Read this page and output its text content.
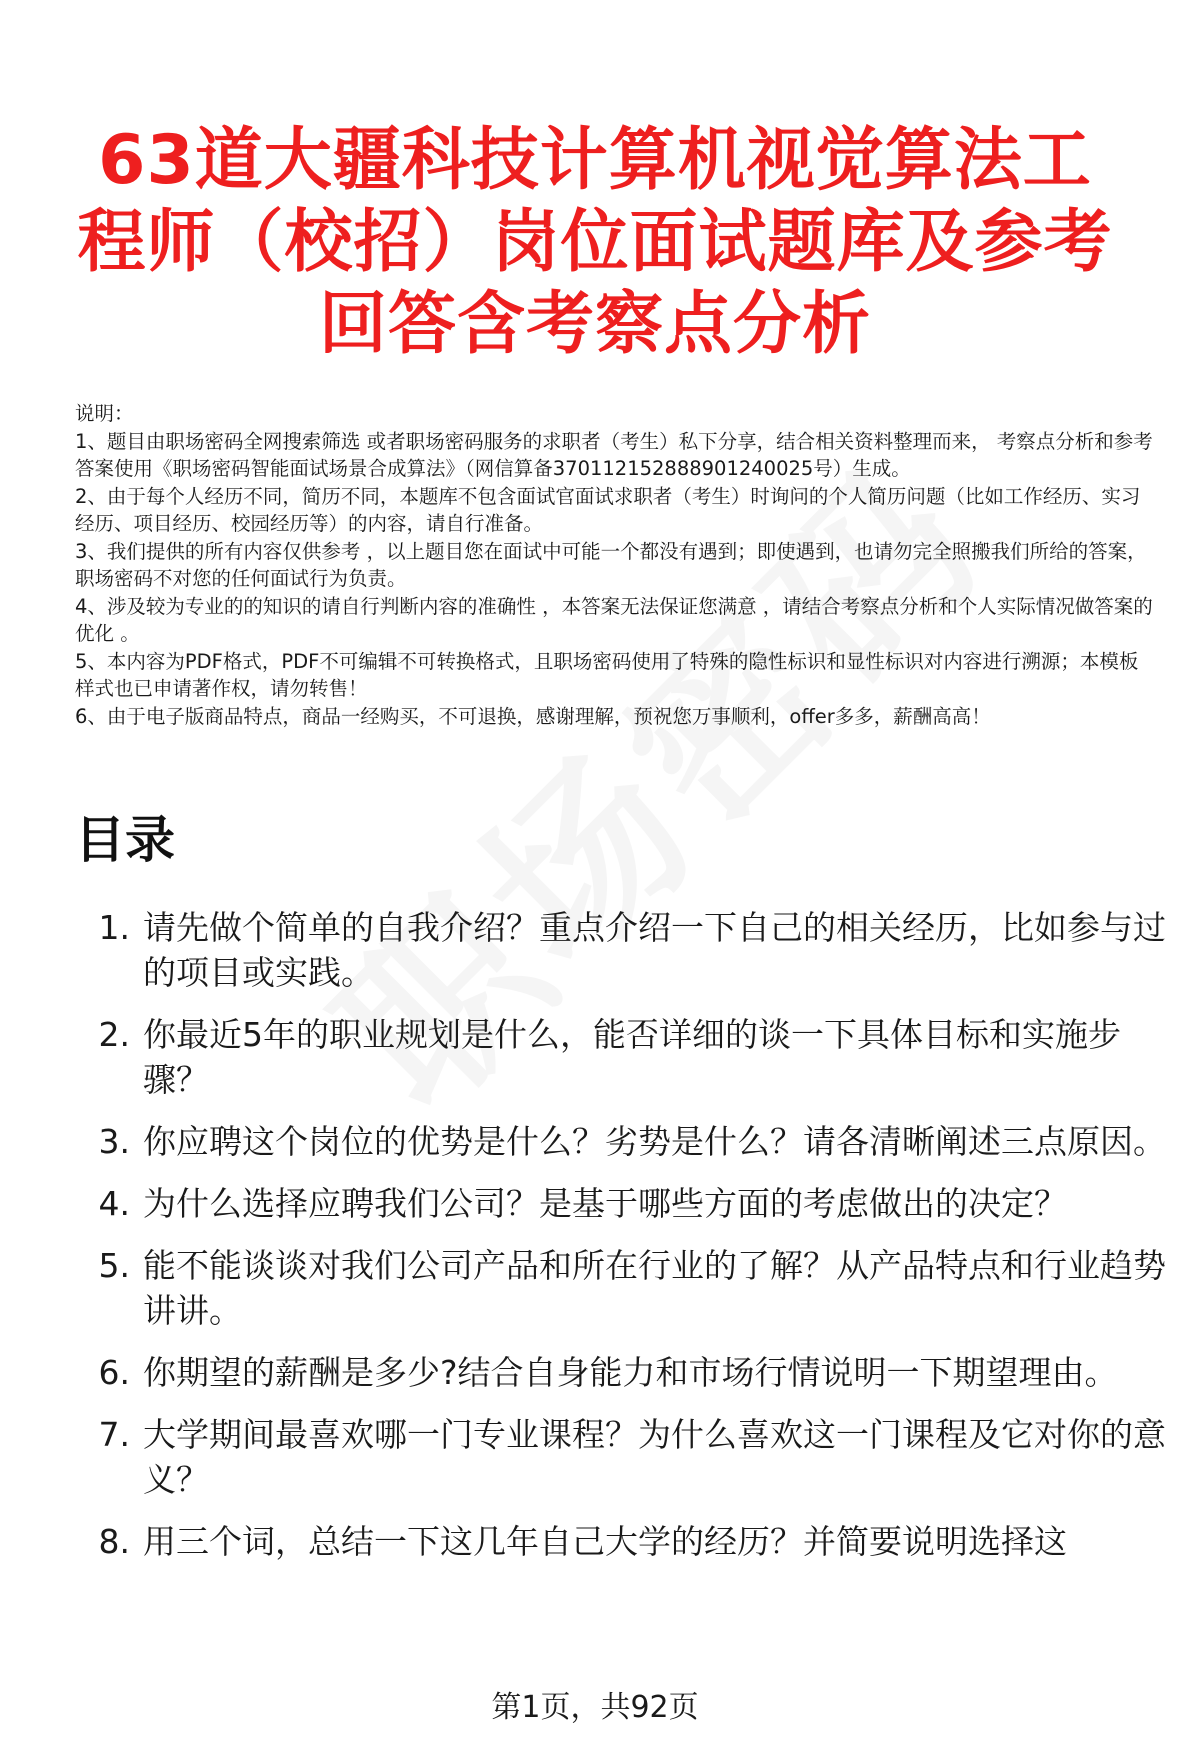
63道大疆科技计算机视觉算法工程师（校招）岗位面试题库及参考回答含考察点分析

说明：

1、题目由职场密码全网搜索筛选 或者职场密码服务的求职者（考生）私下分享，结合相关资料整理而来， 考察点分析和参考答案使用《职场密码智能面试场景合成算法》（网信算备370112152888901240025号）生成。

2、由于每个人经历不同，简历不同，本题库不包含面试官面试求职者（考生）时询问的个人简历问题（比如工作经历、实习经历、项目经历、校园经历等）的内容，请自行准备。

3、我们提供的所有内容仅供参考 ，以上题目您在面试中可能一个都没有遇到；即使遇到，也请勿完全照搬我们所给的答案，职场密码不对您的任何面试行为负责。

4、涉及较为专业的的知识的请自行判断内容的准确性 ，本答案无法保证您满意 ，请结合考察点分析和个人实际情况做答案的优化 。

5、本内容为PDF格式，PDF不可编辑不可转换格式，且职场密码使用了特殊的隐性标识和显性标识对内容进行溯源；本模板样式也已申请著作权，请勿转售！

6、由于电子版商品特点，商品一经购买，不可退换，感谢理解，预祝您万事顺利，offer多多，薪酬高高！

目录
1. 请先做个简单的自我介绍？重点介绍一下自己的相关经历，比如参与过的项目或实践。
2. 你最近5年的职业规划是什么，能否详细的谈一下具体目标和实施步骤？
3. 你应聘这个岗位的优势是什么？劣势是什么？请各清晰阐述三点原因。
4. 为什么选择应聘我们公司？是基于哪些方面的考虑做出的决定？
5. 能不能谈谈对我们公司产品和所在行业的了解？从产品特点和行业趋势讲讲。
6. 你期望的薪酬是多少?结合自身能力和市场行情说明一下期望理由。
7. 大学期间最喜欢哪一门专业课程？为什么喜欢这一门课程及它对你的意义？
8. 用三个词，总结一下这几年自己大学的经历？并简要说明选择这
第1页，共92页
